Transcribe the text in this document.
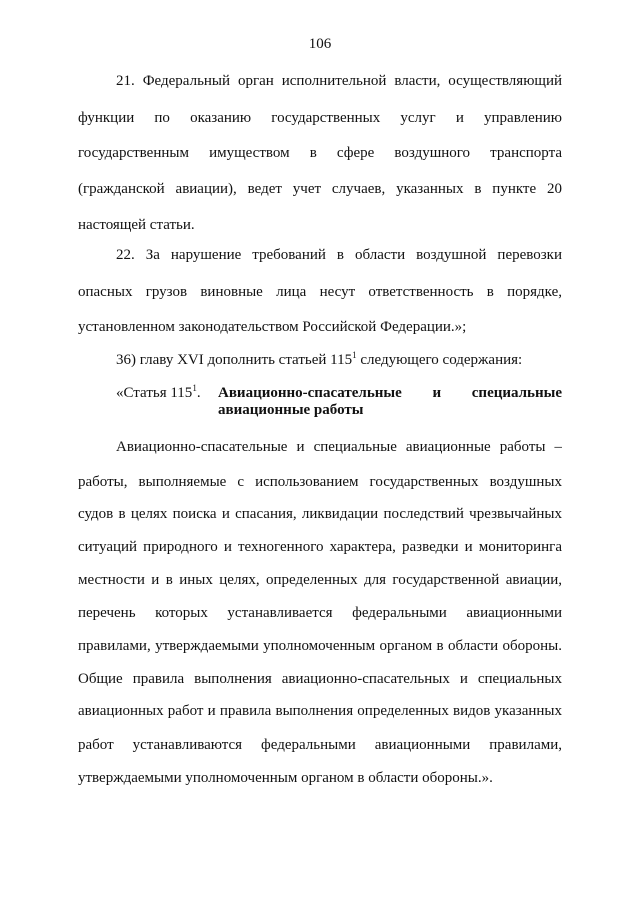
106
21. Федеральный орган исполнительной власти, осуществляющий
функции по оказанию государственных услуг и управлению
государственным имуществом в сфере воздушного транспорта
(гражданской авиации), ведет учет случаев, указанных в пункте 20
настоящей статьи.
22. За нарушение требований в области воздушной перевозки
опасных грузов виновные лица несут ответственность в порядке,
установленном законодательством Российской Федерации.»;
36) главу XVI дополнить статьей $115^1$ следующего содержания:
«Статья $115^1$.	Авиационно-спасательные и специальные
авиационные работы
Авиационно-спасательные и специальные авиационные работы –
работы, выполняемые с использованием государственных воздушных
судов в целях поиска и спасания, ликвидации последствий чрезвычайных
ситуаций природного и техногенного характера, разведки и мониторинга
местности и в иных целях, определенных для государственной авиации,
перечень которых устанавливается федеральными авиационными
правилами, утверждаемыми уполномоченным органом в области обороны.
Общие правила выполнения авиационно-спасательных и специальных
авиационных работ и правила выполнения определенных видов указанных
работ устанавливаются федеральными авиационными правилами,
утверждаемыми уполномоченным органом в области обороны.».
